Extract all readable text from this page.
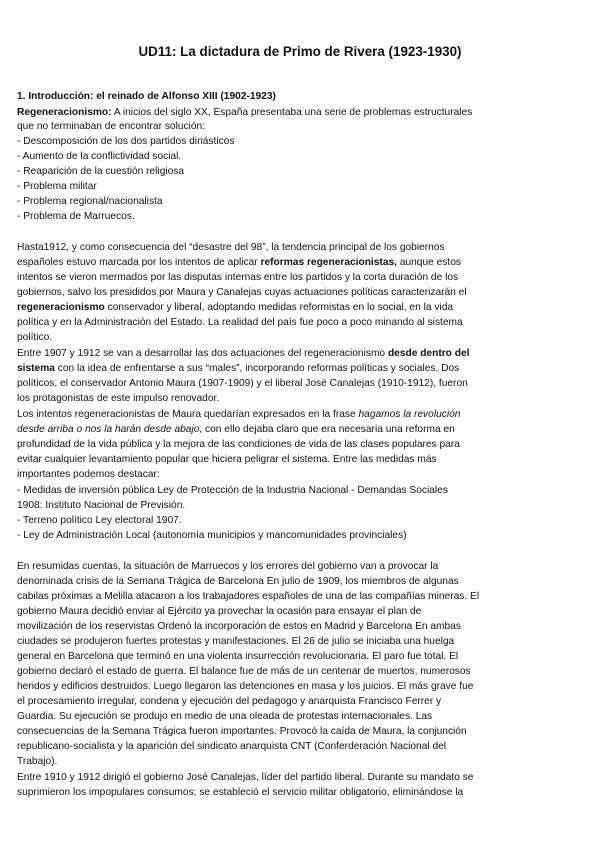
UD11: La dictadura de Primo de Rivera (1923-1930)
1. Introducción: el reinado de Alfonso XIII (1902-1923)
Regeneracionismo: A inicios del siglo XX, España presentaba una serie de problemas estructurales
que no terminaban de encontrar solución:
- Descomposición de los dos partidos dinásticos
- Aumento de la conflictividad social.
- Reaparición de la cuestión religiosa
- Problema militar
- Problema regional/nacionalista
- Problema de Marruecos.
Hasta1912, y como consecuencia del “desastre del 98”, la tendencia principal de los gobiernos
españoles estuvo marcada por los intentos de aplicar reformas regeneracionistas, aunque estos
intentos se vieron mermados por las disputas internas entre los partidos y la corta duración de los
gobiernos, salvo los presididos por Maura y Canalejas cuyas actuaciones políticas caracterizarán el
regeneracionismo conservador y liberal, adoptando medidas reformistas en lo social, en la vida
política y en la Administración del Estado. La realidad del país fue poco a poco minando al sistema
político.
Entre 1907 y 1912 se van a desarrollar las dos actuaciones del regeneracionismo desde dentro del
sistema con la idea de enfrentarse a sus “males”, incorporando reformas políticas y sociales. Dos
políticos, el conservador Antonio Maura (1907-1909) y el liberal José Canalejas (1910-1912), fueron
los protagonistas de este impulso renovador.
Los intentos regeneracionistas de Maura quedarían expresados en la frase hagamos la revolución
desde arriba o nos la harán desde abajo, con ello dejaba claro que era necesaria una reforma en
profundidad de la vida pública y la mejora de las condiciones de vida de las clases populares para
evitar cualquier levantamiento popular que hiciera peligrar el sistema. Entre las medidas más
importantes podemos destacar:
- Medidas de inversión pública Ley de Protección de la Industria Nacional - Demandas Sociales
1908: Instituto Nacional de Previsión.
- Terreno político Ley electoral 1907.
- Ley de Administración Local (autonomía municipios y mancomunidades provinciales)
En resumidas cuentas, la situación de Marruecos y los errores del gobierno van a provocar la
denominada crisis de la Semana Trágica de Barcelona En julio de 1909, los miembros de algunas
cabilas próximas a Melilla atacaron a los trabajadores españoles de una de las compañías mineras. El
gobierno Maura decidió enviar al Ejército ya provechar la ocasión para ensayar el plan de
movilización de los reservistas Ordenó la incorporación de estos en Madrid y Barcelona En ambas
ciudades se produjeron fuertes protestas y manifestaciones. El 26 de julio se iniciaba una huelga
general en Barcelona que terminó en una violenta insurrección revolucionaria. El paro fue total. El
gobierno declaró el estado de guerra. El balance fue de más de un centenar de muertos, numerosos
heridos y edificios destruidos. Luego llegaron las detenciones en masa y los juicios. El más grave fue
el procesamiento irregular, condena y ejecución del pedagogo y anarquista Francisco Ferrer y
Guardia. Su ejecución se produjo en medio de una oleada de protestas internacionales. Las
consecuencias de la Semana Trágica fueron importantes. Provocó la caída de Maura, la conjunción
republicano-socialista y la aparición del sindicato anarquista CNT (Conferderación Nacional del
Trabajo).
Entre 1910 y 1912 dirigió el gobierno José Canalejas, líder del partido liberal. Durante su mandato se
suprimieron los impopulares consumos; se estableció el servicio militar obligatorio, eliminándose la
